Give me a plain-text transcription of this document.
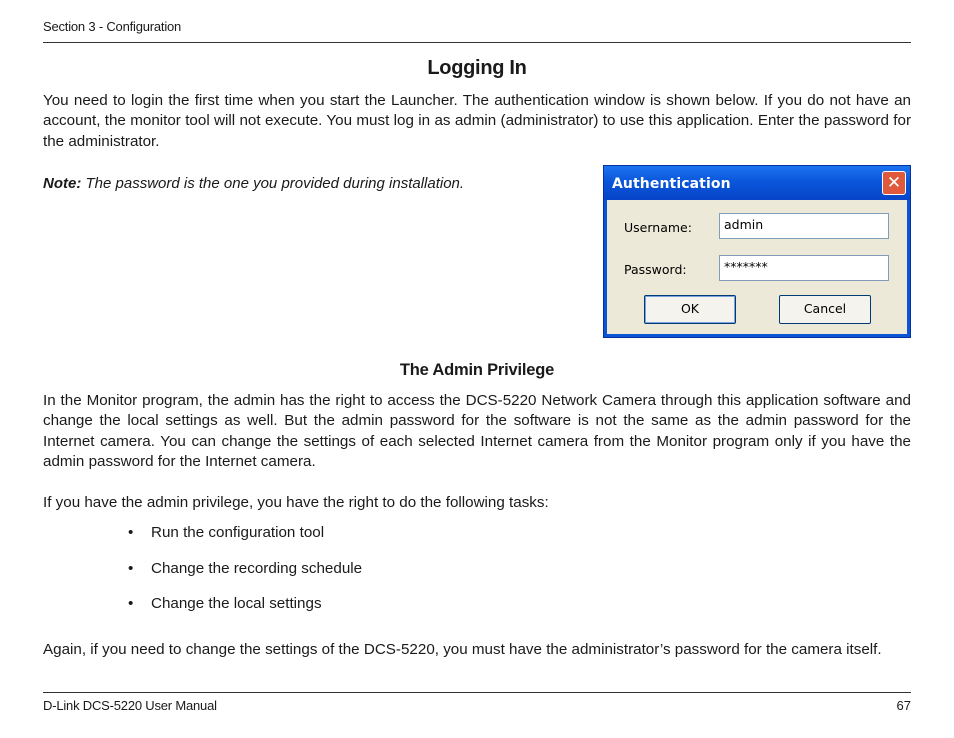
Section 3 - Configuration
Logging In
You need to login the first time when you start the Launcher. The authentication window is shown below. If you do not have an account, the monitor tool will not execute. You must log in as admin (administrator) to use this application. Enter the password for the administrator.
Note: The password is the one you provided during installation.	Authentication	✕
Username:	admin
Password:	*******
OK	Cancel
The Admin Privilege
In the Monitor program, the admin has the right to access the DCS-5220 Network Camera through this application software and change the local settings as well. But the admin password for the software is not the same as the admin password for the Internet camera. You can change the settings of each selected Internet camera from the Monitor program only if you have the admin password for the Internet camera.
If you have the admin privilege, you have the right to do the following tasks:
•	Run the configuration tool
•	Change the recording schedule
•	Change the local settings
Again, if you need to change the settings of the DCS-5220, you must have the administrator’s password for the camera itself.
D-Link DCS-5220 User Manual	67
